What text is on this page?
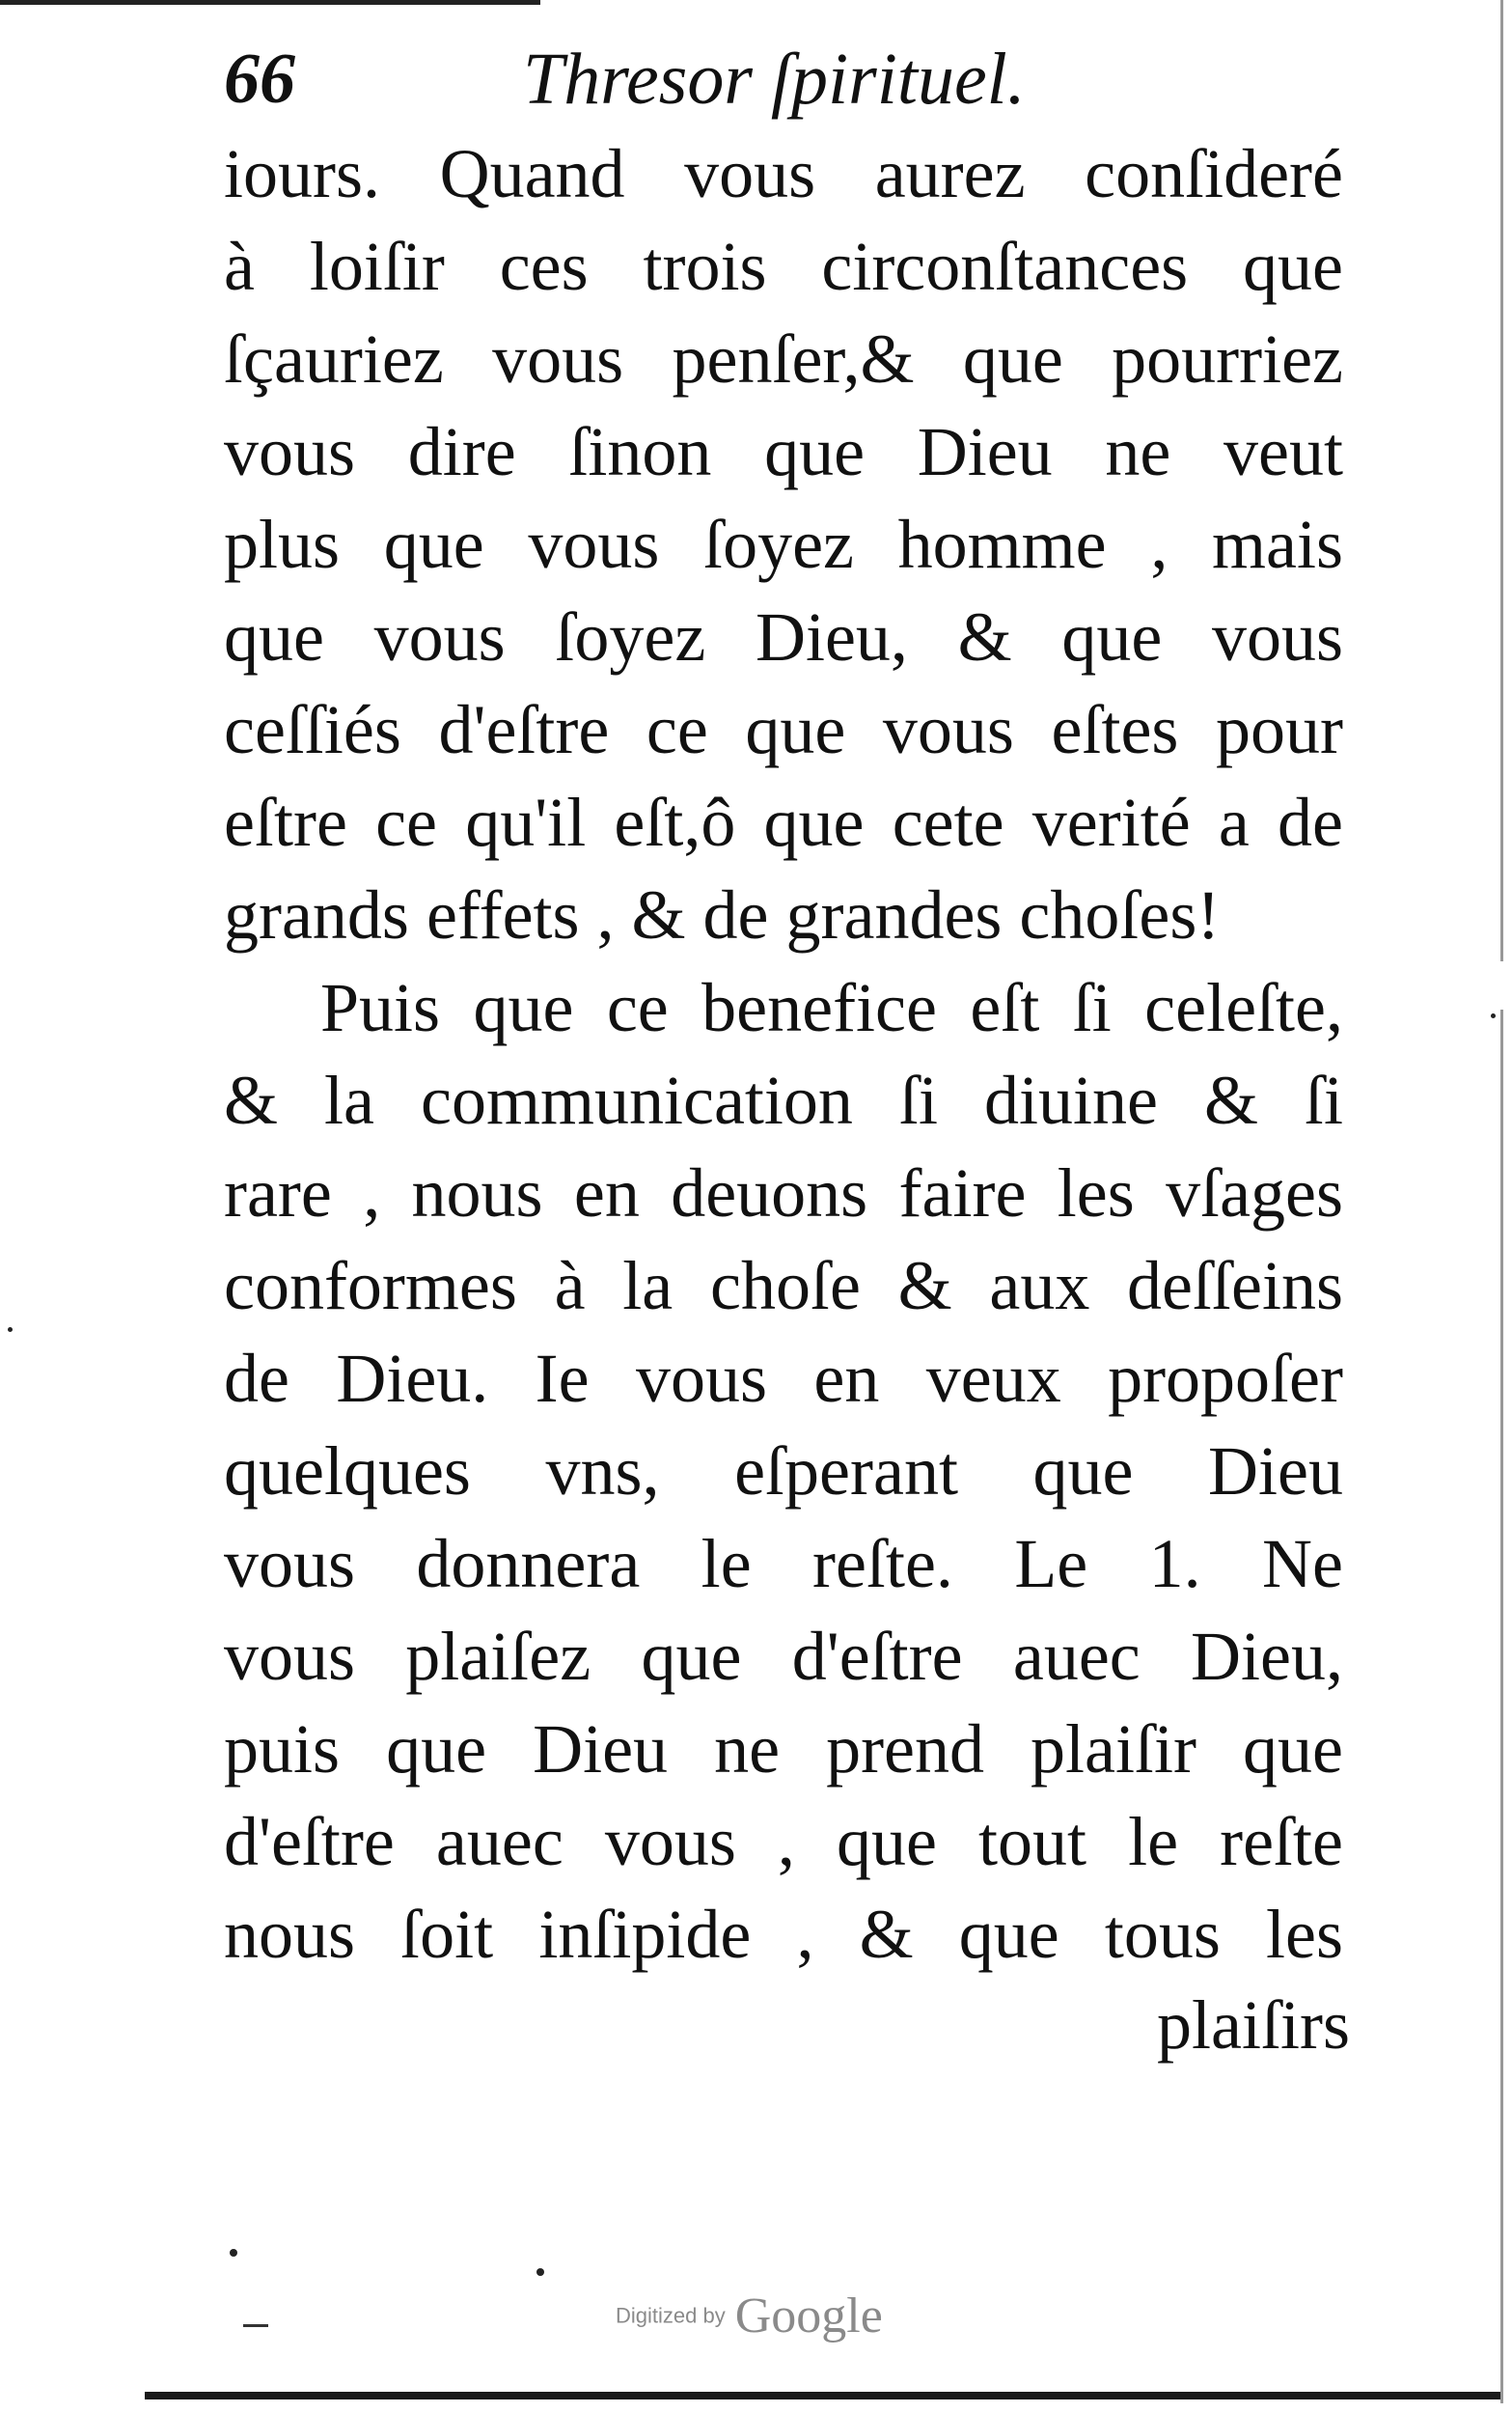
66	Thresor ſpirituel.
iours. Quand vous aurez conſideré
à loiſir ces trois circonſtances que
ſçauriez vous penſer,& que pourriez
vous dire ſinon que Dieu ne veut
plus que vous ſoyez homme , mais
que vous ſoyez Dieu, & que vous
ceſſiés d'eſtre ce que vous eſtes pour
eſtre ce qu'il eſt,ô que cete verité a de
grands effets , & de grandes choſes!
Puis que ce benefice eſt ſi celeſte,
& la communication ſi diuine & ſi
rare , nous en deuons faire les vſages
conformes à la choſe & aux deſſeins
de Dieu. Ie vous en veux propoſer
quelques vns, eſperant que Dieu
vous donnera le reſte. Le 1. Ne
vous plaiſez que d'eſtre auec Dieu,
puis que Dieu ne prend plaiſir que
d'eſtre auec vous , que tout le reſte
nous ſoit inſipide , & que tous les
plaiſirs
Digitized by Google
